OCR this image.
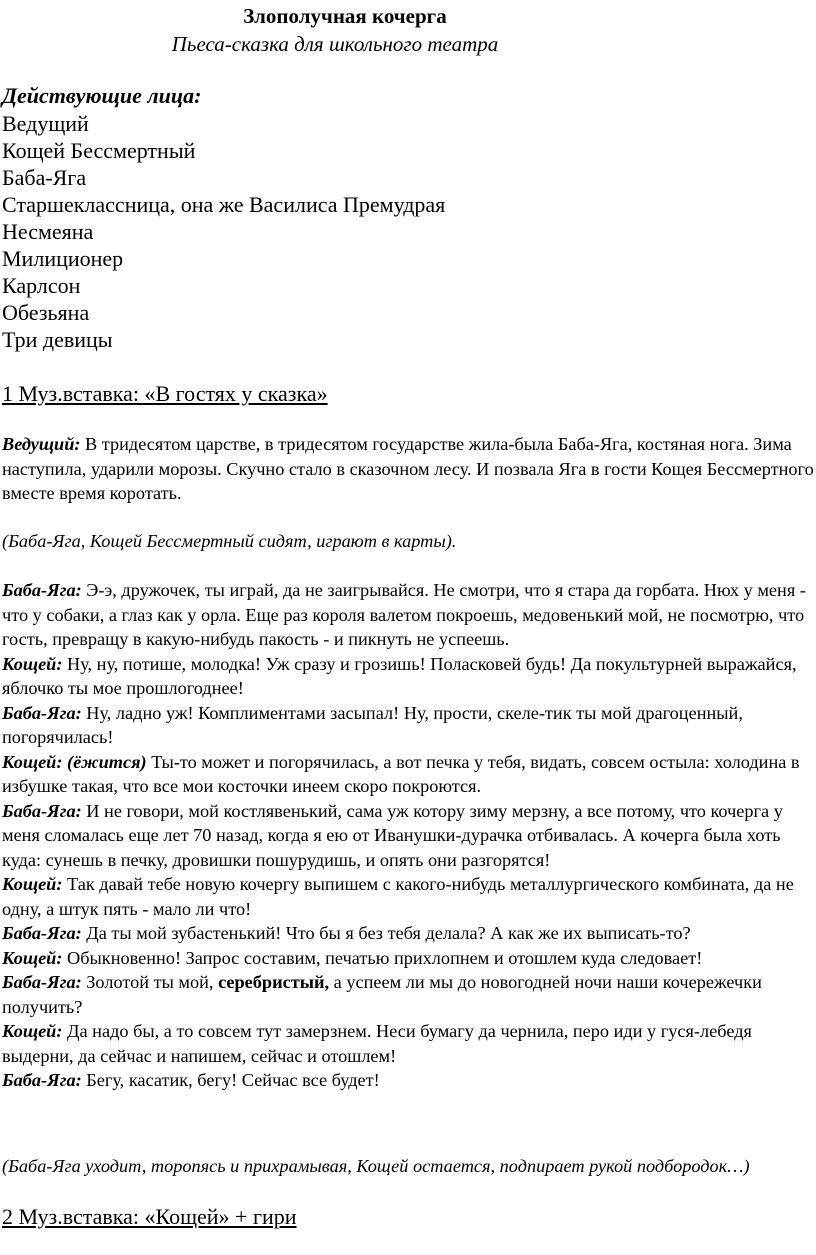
Злополучная кочерга
Пьеса-сказка для школьного театра
Действующие лица:
Ведущий
Кощей Бессмертный
Баба-Яга
Старшеклассница, она же Василиса Премудрая
Несмеяна
Милиционер
Карлсон
Обезьяна
Три девицы
1 Муз.вставка: «В гостях у сказка»

Ведущий: В тридесятом царстве, в тридесятом государстве жила-была Баба-Яга, костяная нога. Зима наступила, ударили морозы. Скучно стало в сказочном лесу. И позвала Яга в гости Кощея Бессмертного вместе время коротать.

(Баба-Яга, Кощей Бессмертный сидят, играют в карты).

Баба-Яга: Э-э, дружочек, ты играй, да не заигрывайся. Не смотри, что я стара да горбата. Нюх у меня - что у собаки, а глаз как у орла. Еще раз короля валетом покроешь, медовенький мой, не посмотрю, что гость, превращу в какую-нибудь пакость - и пикнуть не успеешь.
Кощей: Ну, ну, потише, молодка! Уж сразу и грозишь! Поласковей будь! Да покультурней выражайся, яблочко ты мое прошлогоднее!
Баба-Яга: Ну, ладно уж! Комплиментами засыпал! Ну, прости, скеле-тик ты мой драгоценный, погорячилась!
Кощей: (ёжится) Ты-то может и погорячилась, а вот печка у тебя, видать, совсем остыла: холодина в избушке такая, что все мои косточки инеем скоро покроются.
Баба-Яга: И не говори, мой костлявенький, сама уж котору зиму мерзну, а все потому, что кочерга у меня сломалась еще лет 70 назад, когда я ею от Иванушки-дурачка отбивалась. А кочерга была хоть куда: сунешь в печку, дровишки пошурудишь, и опять они разгорятся!
Кощей: Так давай тебе новую кочергу выпишем с какого-нибудь металлургического комбината, да не одну, а штук пять - мало ли что!
Баба-Яга: Да ты мой зубастенький! Что бы я без тебя делала? А как же их выписать-то?
Кощей: Обыкновенно! Запрос составим, печатью прихлопнем и отошлем куда следовает!
Баба-Яга: Золотой ты мой, серебристый, а успеем ли мы до новогодней ночи наши кочережечки получить?
Кощей: Да надо бы, а то совсем тут замерзнем. Неси бумагу да чернила, перо иди у гуся-лебедя выдерни, да сейчас и напишем, сейчас и отошлем!
Баба-Яга: Бегу, касатик, бегу! Сейчас все будет!

(Баба-Яга уходит, торопясь и прихрамывая, Кощей остается, подпирает рукой подбородок…)

2 Муз.вставка: «Кощей» + гири
